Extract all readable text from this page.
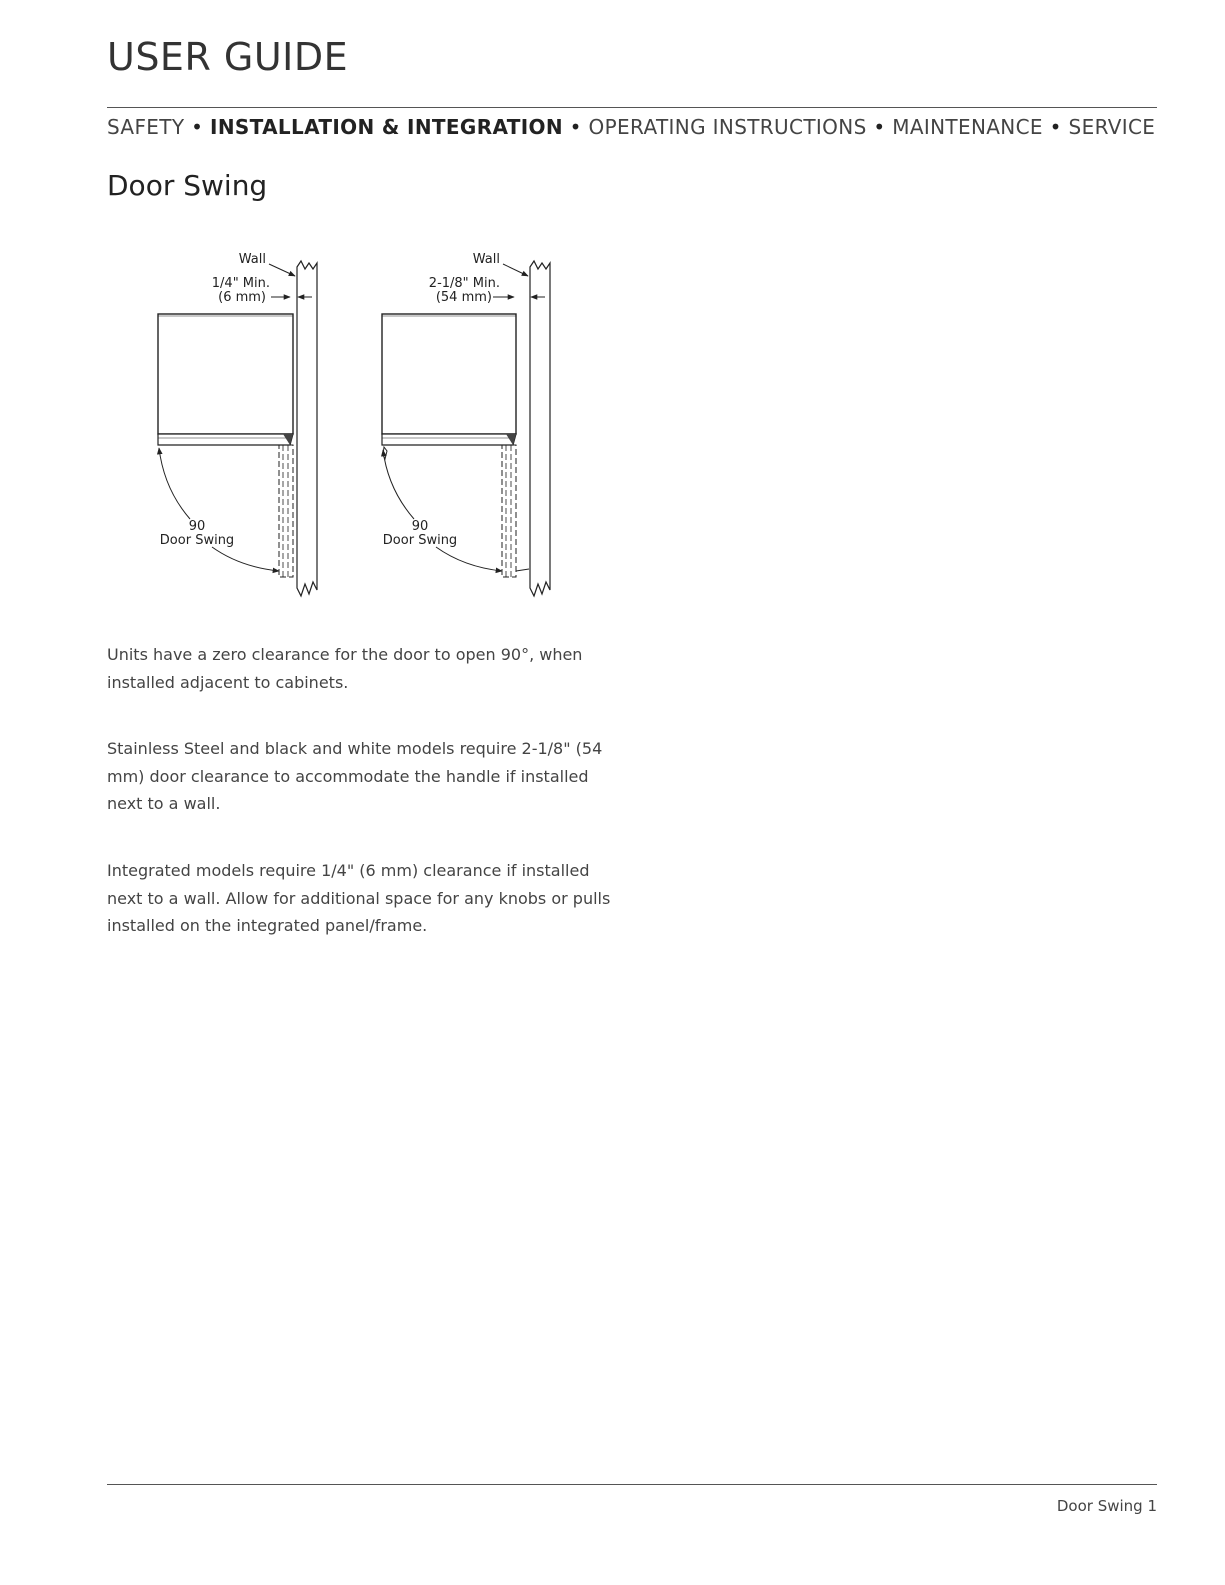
USER GUIDE
SAFETY • INSTALLATION & INTEGRATION • OPERATING INSTRUCTIONS • MAINTENANCE • SERVICE
Door Swing
Wall
1/4" Min.
(6 mm)
90
Door Swing
Wall
2-1/8" Min.
(54 mm)
90
Door Swing

Units have a zero clearance for the door to open 90°, when installed adjacent to cabinets.

Stainless Steel and black and white models require 2-1/8" (54 mm) door clearance to accommodate the handle if installed next to a wall.

Integrated models require 1/4" (6 mm) clearance if installed next to a wall. Allow for additional space for any knobs or pulls installed on the integrated panel/frame.

Door Swing 1
